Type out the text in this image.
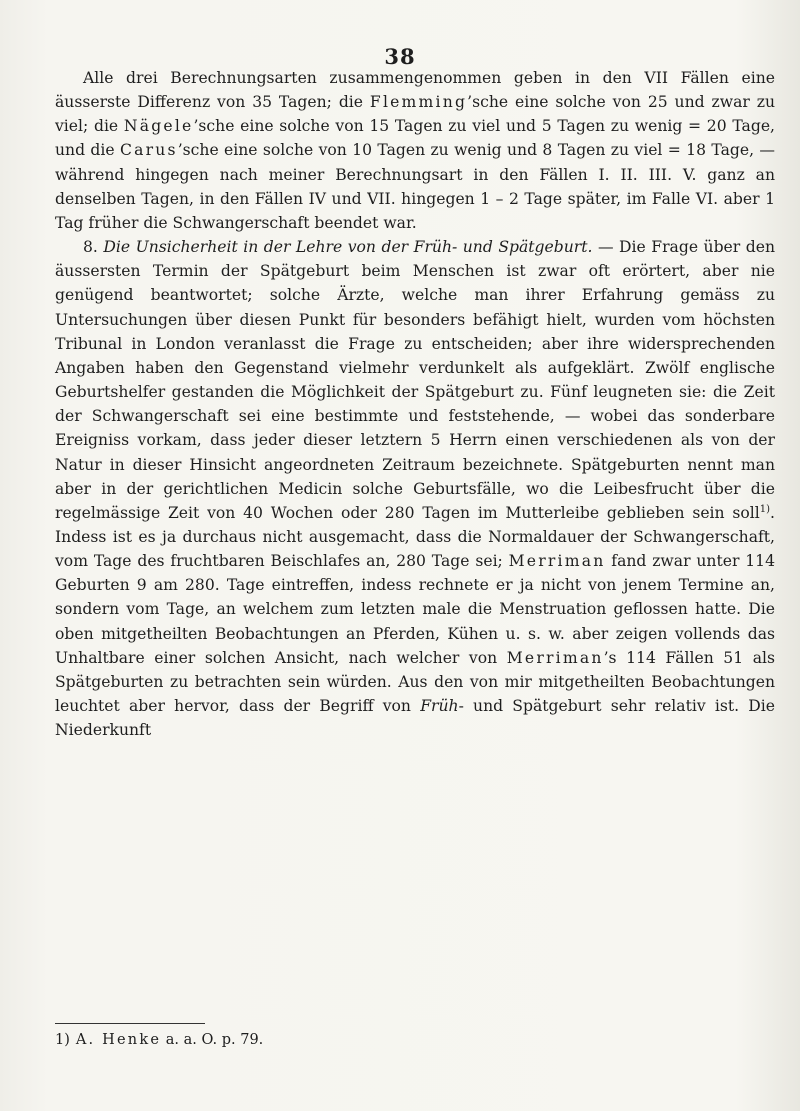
38

Alle drei Berechnungsarten zusammengenommen geben in den VII Fällen eine äusserste Differenz von 35 Tagen; die Flemming’sche eine solche von 25 und zwar zu viel; die Nägele’sche eine solche von 15 Tagen zu viel und 5 Tagen zu wenig = 20 Tage, und die Carus’sche eine solche von 10 Tagen zu wenig und 8 Tagen zu viel = 18 Tage, — während hingegen nach meiner Berechnungsart in den Fällen I. II. III. V. ganz an denselben Tagen, in den Fällen IV und VII. hingegen 1 – 2 Tage später, im Falle VI. aber 1 Tag früher die Schwangerschaft beendet war.

8. Die Unsicherheit in der Lehre von der Früh- und Spätgeburt. — Die Frage über den äussersten Termin der Spätgeburt beim Menschen ist zwar oft erörtert, aber nie genügend beantwortet; solche Ärzte, welche man ihrer Erfahrung gemäss zu Untersuchungen über diesen Punkt für besonders befähigt hielt, wurden vom höchsten Tribunal in London veranlasst die Frage zu entscheiden; aber ihre widersprechenden Angaben haben den Gegenstand vielmehr verdunkelt als aufgeklärt. Zwölf englische Geburtshelfer gestanden die Möglichkeit der Spätgeburt zu. Fünf leugneten sie: die Zeit der Schwangerschaft sei eine bestimmte und feststehende, — wobei das sonderbare Ereigniss vorkam, dass jeder dieser letztern 5 Herrn einen verschiedenen als von der Natur in dieser Hinsicht angeordneten Zeitraum bezeichnete. Spätgeburten nennt man aber in der gerichtlichen Medicin solche Geburtsfälle, wo die Leibesfrucht über die regelmässige Zeit von 40 Wochen oder 280 Tagen im Mutterleibe geblieben sein soll$^{1)}$. Indess ist es ja durchaus nicht ausgemacht, dass die Normaldauer der Schwangerschaft, vom Tage des fruchtbaren Beischlafes an, 280 Tage sei; Merriman fand zwar unter 114 Geburten 9 am 280. Tage eintreffen, indess rechnete er ja nicht von jenem Termine an, sondern vom Tage, an welchem zum letzten male die Menstruation geflossen hatte. Die oben mitgetheilten Beobachtungen an Pferden, Kühen u. s. w. aber zeigen vollends das Unhaltbare einer solchen Ansicht, nach welcher von Merriman’s 114 Fällen 51 als Spätgeburten zu betrachten sein würden. Aus den von mir mitgetheilten Beobachtungen leuchtet aber hervor, dass der Begriff von Früh- und Spätgeburt sehr relativ ist. Die Niederkunft

1) A. Henke a. a. O. p. 79.
